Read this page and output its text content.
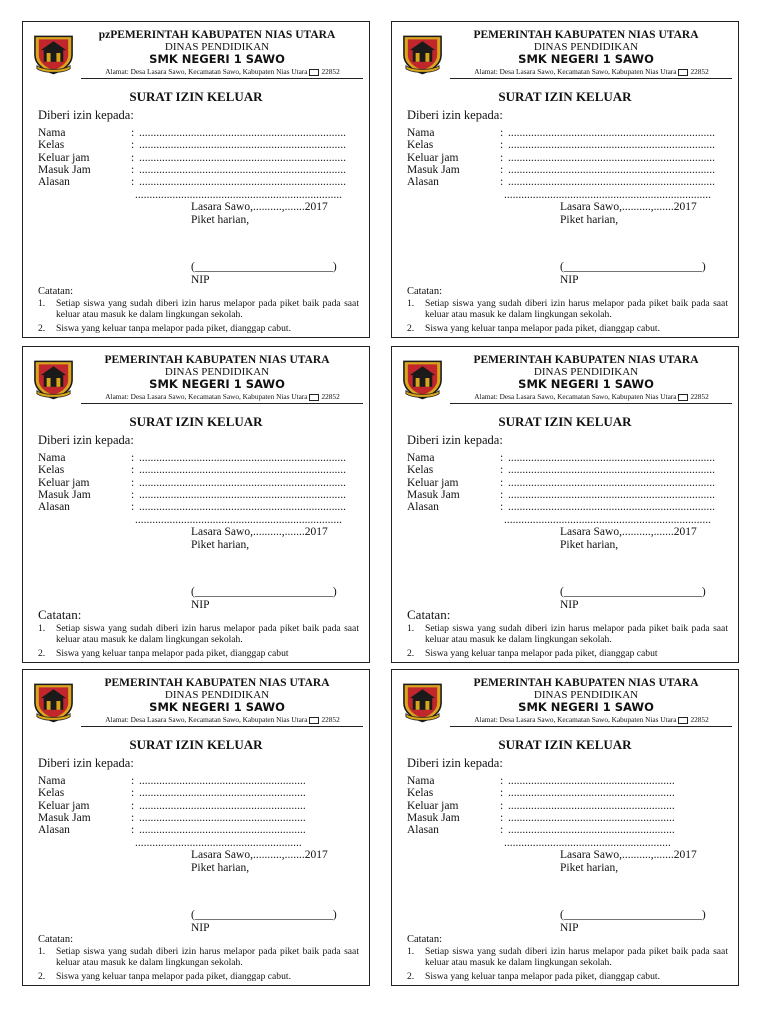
pzPEMERINTAH KABUPATEN NIAS UTARA
DINAS PENDIDIKAN
SMK NEGERI 1 SAWO
Alamat: Desa Lasara Sawo, Kecamatan Sawo, Kabupaten Nias Utara 22852
SURAT IZIN KELUAR
Diberi izin kepada:
Nama	: ........................................................................
Kelas	: ........................................................................
Keluar jam	: ........................................................................
Masuk Jam	: ........................................................................
Alasan	: ........................................................................
........................................................................
Lasara Sawo,..........,.......2017
Piket harian,
(________________________)
NIP
Catatan:
1. Setiap siswa yang sudah diberi izin harus melapor pada piket baik pada saat keluar atau masuk ke dalam lingkungan sekolah.
2. Siswa yang keluar tanpa melapor pada piket, dianggap cabut.
PEMERINTAH KABUPATEN NIAS UTARA
DINAS PENDIDIKAN
SMK NEGERI 1 SAWO
Alamat: Desa Lasara Sawo, Kecamatan Sawo, Kabupaten Nias Utara 22852
SURAT IZIN KELUAR
Diberi izin kepada:
Nama	: ........................................................................
Kelas	: ........................................................................
Keluar jam	: ........................................................................
Masuk Jam	: ........................................................................
Alasan	: ........................................................................
........................................................................
Lasara Sawo,..........,.......2017
Piket harian,
(________________________)
NIP
Catatan:
1. Setiap siswa yang sudah diberi izin harus melapor pada piket baik pada saat keluar atau masuk ke dalam lingkungan sekolah.
2. Siswa yang keluar tanpa melapor pada piket, dianggap cabut.
PEMERINTAH KABUPATEN NIAS UTARA
DINAS PENDIDIKAN
SMK NEGERI 1 SAWO
Alamat: Desa Lasara Sawo, Kecamatan Sawo, Kabupaten Nias Utara 22852
SURAT IZIN KELUAR
Diberi izin kepada:
Nama	: ........................................................................
Kelas	: ........................................................................
Keluar jam	: ........................................................................
Masuk Jam	: ........................................................................
Alasan	: ........................................................................
........................................................................
Lasara Sawo,..........,.......2017
Piket harian,
(________________________)
NIP
Catatan:
1. Setiap siswa yang sudah diberi izin harus melapor pada piket baik pada saat keluar atau masuk ke dalam lingkungan sekolah.
2. Siswa yang keluar tanpa melapor pada piket, dianggap cabut
PEMERINTAH KABUPATEN NIAS UTARA
DINAS PENDIDIKAN
SMK NEGERI 1 SAWO
Alamat: Desa Lasara Sawo, Kecamatan Sawo, Kabupaten Nias Utara 22852
SURAT IZIN KELUAR
Diberi izin kepada:
Nama	: ........................................................................
Kelas	: ........................................................................
Keluar jam	: ........................................................................
Masuk Jam	: ........................................................................
Alasan	: ........................................................................
........................................................................
Lasara Sawo,..........,.......2017
Piket harian,
(________________________)
NIP
Catatan:
1. Setiap siswa yang sudah diberi izin harus melapor pada piket baik pada saat keluar atau masuk ke dalam lingkungan sekolah.
2. Siswa yang keluar tanpa melapor pada piket, dianggap cabut
PEMERINTAH KABUPATEN NIAS UTARA
DINAS PENDIDIKAN
SMK NEGERI 1 SAWO
Alamat: Desa Lasara Sawo, Kecamatan Sawo, Kabupaten Nias Utara 22852
SURAT IZIN KELUAR
Diberi izin kepada:
Nama	: ..........................................................
Kelas	: ..........................................................
Keluar jam	: ..........................................................
Masuk Jam	: ..........................................................
Alasan	: ..........................................................
..........................................................
Lasara Sawo,..........,.......2017
Piket harian,
(________________________)
NIP
Catatan:
1. Setiap siswa yang sudah diberi izin harus melapor pada piket baik pada saat keluar atau masuk ke dalam lingkungan sekolah.
2. Siswa yang keluar tanpa melapor pada piket, dianggap cabut.
PEMERINTAH KABUPATEN NIAS UTARA
DINAS PENDIDIKAN
SMK NEGERI 1 SAWO
Alamat: Desa Lasara Sawo, Kecamatan Sawo, Kabupaten Nias Utara 22852
SURAT IZIN KELUAR
Diberi izin kepada:
Nama	: ..........................................................
Kelas	: ..........................................................
Keluar jam	: ..........................................................
Masuk Jam	: ..........................................................
Alasan	: ..........................................................
..........................................................
Lasara Sawo,..........,.......2017
Piket harian,
(________________________)
NIP
Catatan:
1. Setiap siswa yang sudah diberi izin harus melapor pada piket baik pada saat keluar atau masuk ke dalam lingkungan sekolah.
2. Siswa yang keluar tanpa melapor pada piket, dianggap cabut.
